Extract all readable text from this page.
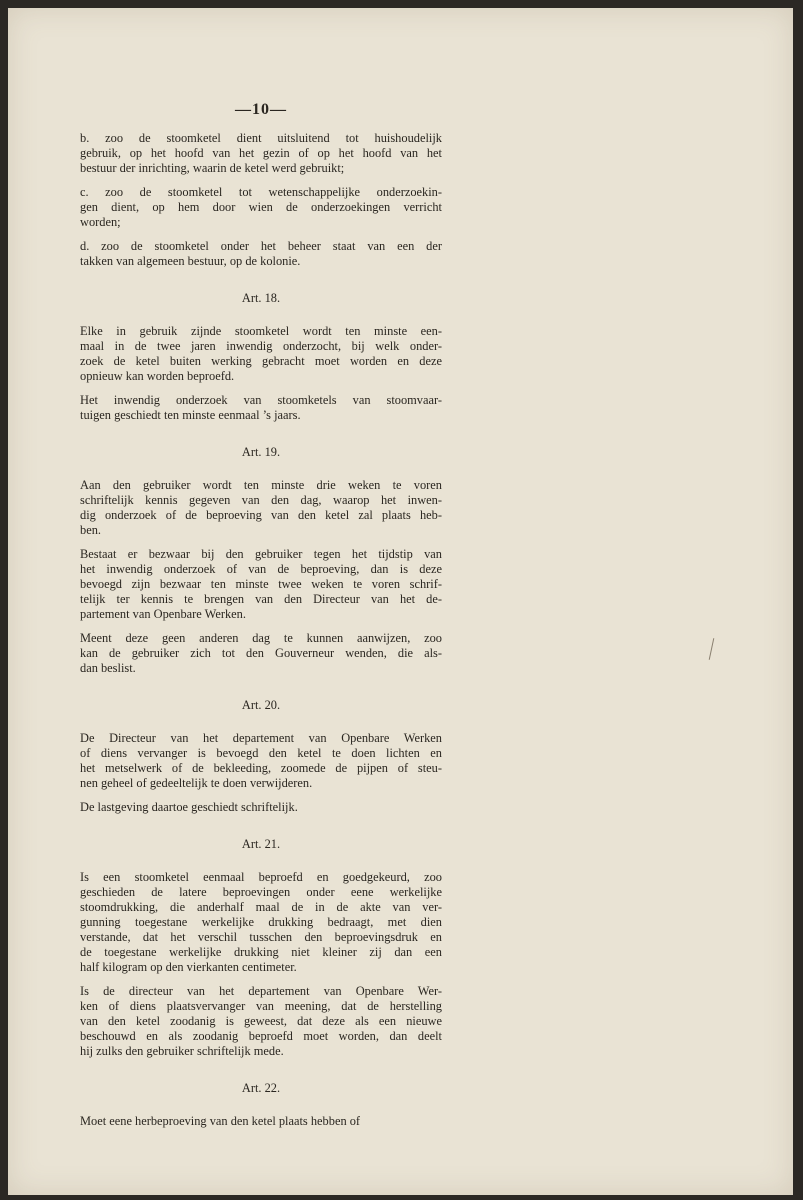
—10—
b. zoo de stoomketel dient uitsluitend tot huishoudelijk
gebruik, op het hoofd van het gezin of op het hoofd van het
bestuur der inrichting, waarin de ketel werd gebruikt;
c. zoo de stoomketel tot wetenschappelijke onderzoekin-
gen dient, op hem door wien de onderzoekingen verricht
worden;
d. zoo de stoomketel onder het beheer staat van een der
takken van algemeen bestuur, op de kolonie.
Art. 18.
Elke in gebruik zijnde stoomketel wordt ten minste een-
maal in de twee jaren inwendig onderzocht, bij welk onder-
zoek de ketel buiten werking gebracht moet worden en deze
opnieuw kan worden beproefd.
Het inwendig onderzoek van stoomketels van stoomvaar-
tuigen geschiedt ten minste eenmaal ’s jaars.
Art. 19.
Aan den gebruiker wordt ten minste drie weken te voren
schriftelijk kennis gegeven van den dag, waarop het inwen-
dig onderzoek of de beproeving van den ketel zal plaats heb-
ben.
Bestaat er bezwaar bij den gebruiker tegen het tijdstip van
het inwendig onderzoek of van de beproeving, dan is deze
bevoegd zijn bezwaar ten minste twee weken te voren schrif-
telijk ter kennis te brengen van den Directeur van het de-
partement van Openbare Werken.
Meent deze geen anderen dag te kunnen aanwijzen, zoo
kan de gebruiker zich tot den Gouverneur wenden, die als-
dan beslist.
Art. 20.
De Directeur van het departement van Openbare Werken
of diens vervanger is bevoegd den ketel te doen lichten en
het metselwerk of de bekleeding, zoomede de pijpen of steu-
nen geheel of gedeeltelijk te doen verwijderen.
De lastgeving daartoe geschiedt schriftelijk.
Art. 21.
Is een stoomketel eenmaal beproefd en goedgekeurd, zoo
geschieden de latere beproevingen onder eene werkelijke
stoomdrukking, die anderhalf maal de in de akte van ver-
gunning toegestane werkelijke drukking bedraagt, met dien
verstande, dat het verschil tusschen den beproevingsdruk en
de toegestane werkelijke drukking niet kleiner zij dan een
half kilogram op den vierkanten centimeter.
Is de directeur van het departement van Openbare Wer-
ken of diens plaatsvervanger van meening, dat de herstelling
van den ketel zoodanig is geweest, dat deze als een nieuwe
beschouwd en als zoodanig beproefd moet worden, dan deelt
hij zulks den gebruiker schriftelijk mede.
Art. 22.
Moet eene herbeproeving van den ketel plaats hebben of
